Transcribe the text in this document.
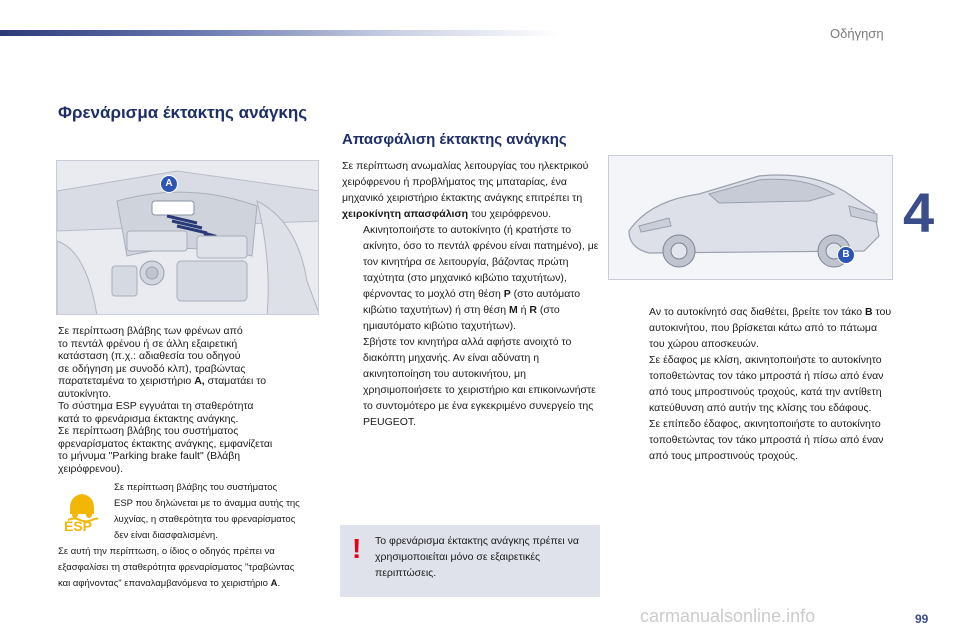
Οδήγηση
4
Φρενάρισμα έκτακτης ανάγκης
A
Σε περίπτωση βλάβης των φρένων από
το πεντάλ φρένου ή σε άλλη εξαιρετική
κατάσταση (π.χ.: αδιαθεσία του οδηγού
σε οδήγηση με συνοδό κλπ), τραβώντας
παρατεταμένα το χειριστήριο A, σταματάει το
αυτοκίνητο.
Το σύστημα ESP εγγυάται τη σταθερότητα
κατά το φρενάρισμα έκτακτης ανάγκης.
Σε περίπτωση βλάβης του συστήματος
φρεναρίσματος έκτακτης ανάγκης, εμφανίζεται
το μήνυμα "Parking brake fault" (Βλάβη
χειρόφρενου).
ESP
Σε περίπτωση βλάβης του συστήματος
ESP που δηλώνεται με το άναμμα αυτής της
λυχνίας, η σταθερότητα του φρεναρίσματος
δεν είναι διασφαλισμένη.
Σε αυτή την περίπτωση, ο ίδιος ο οδηγός πρέπει να
εξασφαλίσει τη σταθερότητα φρεναρίσματος "τραβώντας
και αφήνοντας" επαναλαμβανόμενα το χειριστήριο A.
Απασφάλιση έκτακτης ανάγκης
Σε περίπτωση ανωμαλίας λειτουργίας του ηλεκτρικού χειρόφρενου ή προβλήματος της μπαταρίας, ένα μηχανικό χειριστήριο έκτακτης ανάγκης επιτρέπει τη χειροκίνητη απασφάλιση του χειρόφρενου.
Ακινητοποιήστε το αυτοκίνητο (ή κρατήστε το ακίνητο, όσο το πεντάλ φρένου είναι πατημένο), με τον κινητήρα σε λειτουργία, βάζοντας πρώτη ταχύτητα (στο μηχανικό κιβώτιο ταχυτήτων), φέρνοντας το μοχλό στη θέση P (στο αυτόματο κιβώτιο ταχυτήτων) ή στη θέση M ή R (στο ημιαυτόματο κιβώτιο ταχυτήτων).
Σβήστε τον κινητήρα αλλά αφήστε ανοιχτό το διακόπτη μηχανής. Αν είναι αδύνατη η ακινητοποίηση του αυτοκινήτου, μη χρησιμοποιήσετε το χειριστήριο και επικοινωνήστε το συντομότερο με ένα εγκεκριμένο συνεργείο της PEUGEOT.
! Το φρενάρισμα έκτακτης ανάγκης πρέπει να χρησιμοποιείται μόνο σε εξαιρετικές περιπτώσεις.
B
Αν το αυτοκίνητό σας διαθέτει, βρείτε τον τάκο B του αυτοκινήτου, που βρίσκεται κάτω από το πάτωμα του χώρου αποσκευών.
Σε έδαφος με κλίση, ακινητοποιήστε το αυτοκίνητο τοποθετώντας τον τάκο μπροστά ή πίσω από έναν από τους μπροστινούς τροχούς, κατά την αντίθετη κατεύθυνση από αυτήν της κλίσης του εδάφους.
Σε επίπεδο έδαφος, ακινητοποιήστε το αυτοκίνητο τοποθετώντας τον τάκο μπροστά ή πίσω από έναν από τους μπροστινούς τροχούς.
carmanualsonline.info	99
